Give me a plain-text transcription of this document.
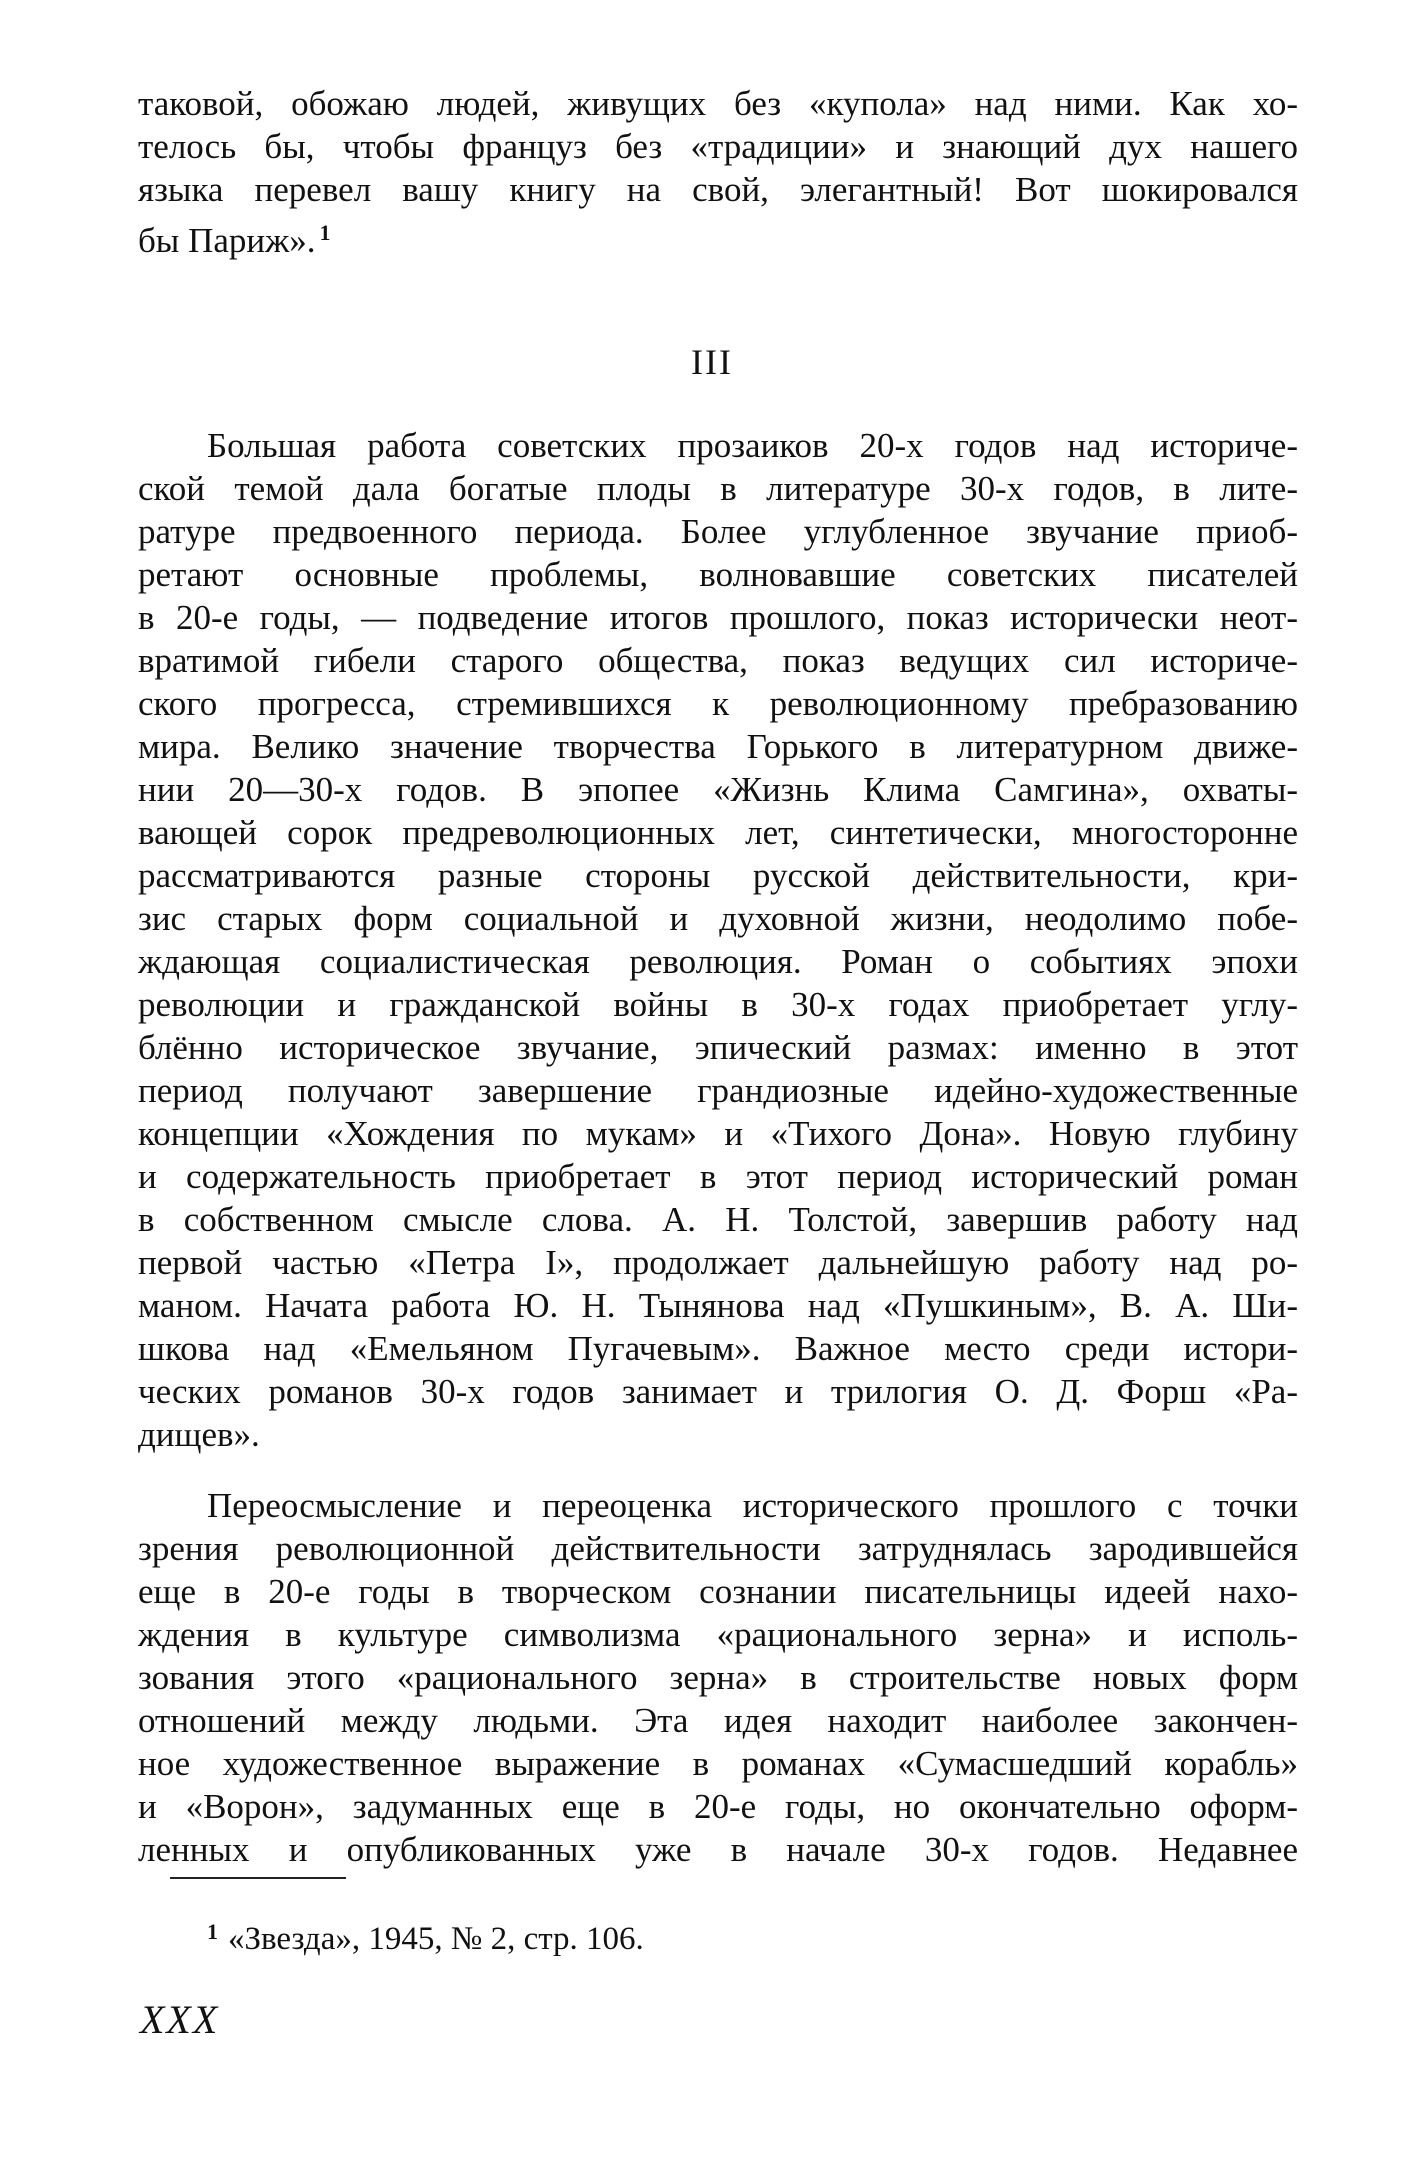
таковой, обожаю людей, живущих без «купола» над ними. Как хо-
телось бы, чтобы француз без «традиции» и знающий дух нашего
языка перевел вашу книгу на свой, элегантный! Вот шокировался
бы Париж». $^1$
III
Большая работа советских прозаиков 20-х годов над историче-
ской темой дала богатые плоды в литературе 30-х годов, в лите-
ратуре предвоенного периода. Более углубленное звучание приоб-
ретают основные проблемы, волновавшие советских писателей
в 20-е годы, — подведение итогов прошлого, показ исторически неот-
вратимой гибели старого общества, показ ведущих сил историче-
ского прогресса, стремившихся к революционному пребразованию
мира. Велико значение творчества Горького в литературном движе-
нии 20—30-х годов. В эпопее «Жизнь Клима Самгина», охваты-
вающей сорок предреволюционных лет, синтетически, многосторонне
рассматриваются разные стороны русской действительности, кри-
зис старых форм социальной и духовной жизни, неодолимо побе-
ждающая социалистическая революция. Роман о событиях эпохи
революции и гражданской войны в 30-х годах приобретает углу-
блённо историческое звучание, эпический размах: именно в этот
период получают завершение грандиозные идейно-художественные
концепции «Хождения по мукам» и «Тихого Дона». Новую глубину
и содержательность приобретает в этот период исторический роман
в собственном смысле слова. А. Н. Толстой, завершив работу над
первой частью «Петра I», продолжает дальнейшую работу над ро-
маном. Начата работа Ю. Н. Тынянова над «Пушкиным», В. А. Ши-
шкова над «Емельяном Пугачевым». Важное место среди истори-
ческих романов 30-х годов занимает и трилогия О. Д. Форш «Ра-
дищев».
Переосмысление и переоценка исторического прошлого с точки
зрения революционной действительности затруднялась зародившейся
еще в 20-е годы в творческом сознании писательницы идеей нахо-
ждения в культуре символизма «рационального зерна» и исполь-
зования этого «рационального зерна» в строительстве новых форм
отношений между людьми. Эта идея находит наиболее закончен-
ное художественное выражение в романах «Сумасшедший корабль»
и «Ворон», задуманных еще в 20-е годы, но окончательно оформ-
ленных и опубликованных уже в начале 30-х годов. Недавнее
$^1$ «Звезда», 1945, № 2, стр. 106.
XXX
